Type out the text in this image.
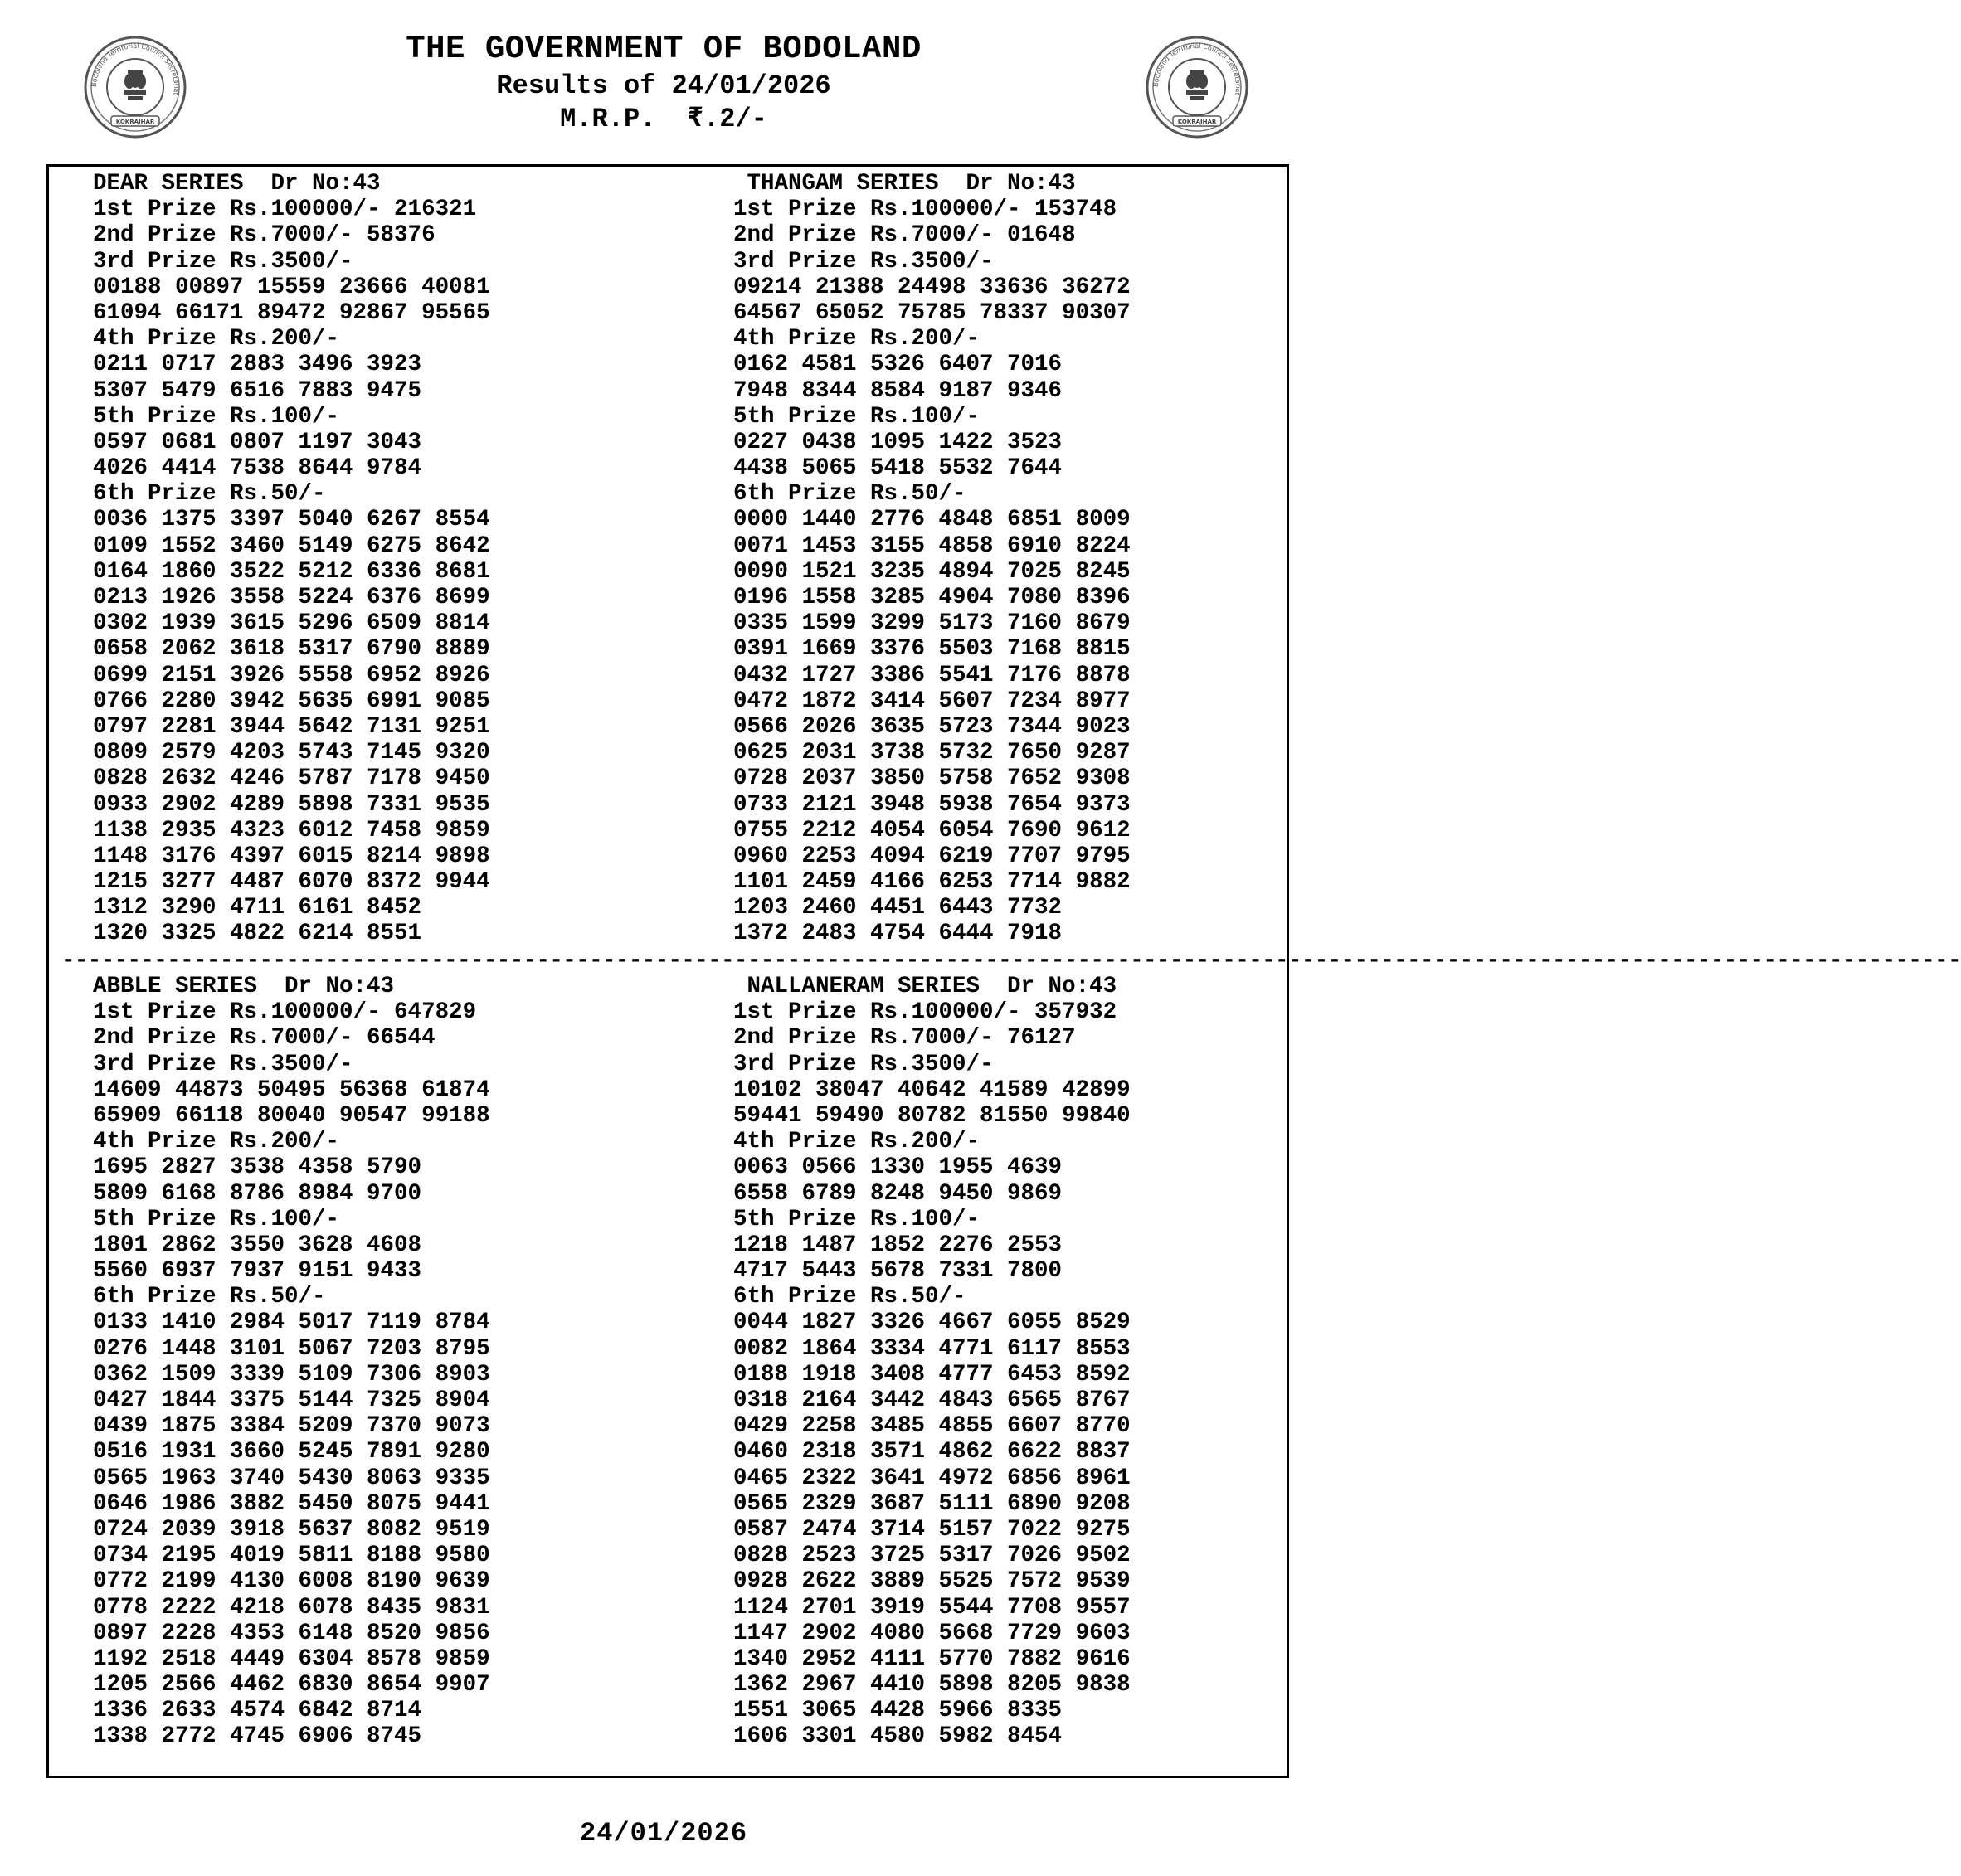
Bodoland Territorial Council Secretariat
KOKRAJHAR
Bodoland Territorial Council Secretariat
KOKRAJHAR
THE GOVERNMENT OF BODOLAND
Results of 24/01/2026
M.R.P.  ₹.2/-
DEAR SERIES  Dr No:43
1st Prize Rs.100000/- 216321
2nd Prize Rs.7000/- 58376
3rd Prize Rs.3500/-
00188 00897 15559 23666 40081
61094 66171 89472 92867 95565
4th Prize Rs.200/-
0211 0717 2883 3496 3923
5307 5479 6516 7883 9475
5th Prize Rs.100/-
0597 0681 0807 1197 3043
4026 4414 7538 8644 9784
6th Prize Rs.50/-
0036 1375 3397 5040 6267 8554
0109 1552 3460 5149 6275 8642
0164 1860 3522 5212 6336 8681
0213 1926 3558 5224 6376 8699
0302 1939 3615 5296 6509 8814
0658 2062 3618 5317 6790 8889
0699 2151 3926 5558 6952 8926
0766 2280 3942 5635 6991 9085
0797 2281 3944 5642 7131 9251
0809 2579 4203 5743 7145 9320
0828 2632 4246 5787 7178 9450
0933 2902 4289 5898 7331 9535
1138 2935 4323 6012 7458 9859
1148 3176 4397 6015 8214 9898
1215 3277 4487 6070 8372 9944
1312 3290 4711 6161 8452
1320 3325 4822 6214 8551
THANGAM SERIES  Dr No:43
1st Prize Rs.100000/- 153748
2nd Prize Rs.7000/- 01648
3rd Prize Rs.3500/-
09214 21388 24498 33636 36272
64567 65052 75785 78337 90307
4th Prize Rs.200/-
0162 4581 5326 6407 7016
7948 8344 8584 9187 9346
5th Prize Rs.100/-
0227 0438 1095 1422 3523
4438 5065 5418 5532 7644
6th Prize Rs.50/-
0000 1440 2776 4848 6851 8009
0071 1453 3155 4858 6910 8224
0090 1521 3235 4894 7025 8245
0196 1558 3285 4904 7080 8396
0335 1599 3299 5173 7160 8679
0391 1669 3376 5503 7168 8815
0432 1727 3386 5541 7176 8878
0472 1872 3414 5607 7234 8977
0566 2026 3635 5723 7344 9023
0625 2031 3738 5732 7650 9287
0728 2037 3850 5758 7652 9308
0733 2121 3948 5938 7654 9373
0755 2212 4054 6054 7690 9612
0960 2253 4094 6219 7707 9795
1101 2459 4166 6253 7714 9882
1203 2460 4451 6443 7732
1372 2483 4754 6444 7918
------------------------------------------------------------------------------------------------------------------------------------------------
ABBLE SERIES  Dr No:43
1st Prize Rs.100000/- 647829
2nd Prize Rs.7000/- 66544
3rd Prize Rs.3500/-
14609 44873 50495 56368 61874
65909 66118 80040 90547 99188
4th Prize Rs.200/-
1695 2827 3538 4358 5790
5809 6168 8786 8984 9700
5th Prize Rs.100/-
1801 2862 3550 3628 4608
5560 6937 7937 9151 9433
6th Prize Rs.50/-
0133 1410 2984 5017 7119 8784
0276 1448 3101 5067 7203 8795
0362 1509 3339 5109 7306 8903
0427 1844 3375 5144 7325 8904
0439 1875 3384 5209 7370 9073
0516 1931 3660 5245 7891 9280
0565 1963 3740 5430 8063 9335
0646 1986 3882 5450 8075 9441
0724 2039 3918 5637 8082 9519
0734 2195 4019 5811 8188 9580
0772 2199 4130 6008 8190 9639
0778 2222 4218 6078 8435 9831
0897 2228 4353 6148 8520 9856
1192 2518 4449 6304 8578 9859
1205 2566 4462 6830 8654 9907
1336 2633 4574 6842 8714
1338 2772 4745 6906 8745
NALLANERAM SERIES  Dr No:43
1st Prize Rs.100000/- 357932
2nd Prize Rs.7000/- 76127
3rd Prize Rs.3500/-
10102 38047 40642 41589 42899
59441 59490 80782 81550 99840
4th Prize Rs.200/-
0063 0566 1330 1955 4639
6558 6789 8248 9450 9869
5th Prize Rs.100/-
1218 1487 1852 2276 2553
4717 5443 5678 7331 7800
6th Prize Rs.50/-
0044 1827 3326 4667 6055 8529
0082 1864 3334 4771 6117 8553
0188 1918 3408 4777 6453 8592
0318 2164 3442 4843 6565 8767
0429 2258 3485 4855 6607 8770
0460 2318 3571 4862 6622 8837
0465 2322 3641 4972 6856 8961
0565 2329 3687 5111 6890 9208
0587 2474 3714 5157 7022 9275
0828 2523 3725 5317 7026 9502
0928 2622 3889 5525 7572 9539
1124 2701 3919 5544 7708 9557
1147 2902 4080 5668 7729 9603
1340 2952 4111 5770 7882 9616
1362 2967 4410 5898 8205 9838
1551 3065 4428 5966 8335
1606 3301 4580 5982 8454
24/01/2026
